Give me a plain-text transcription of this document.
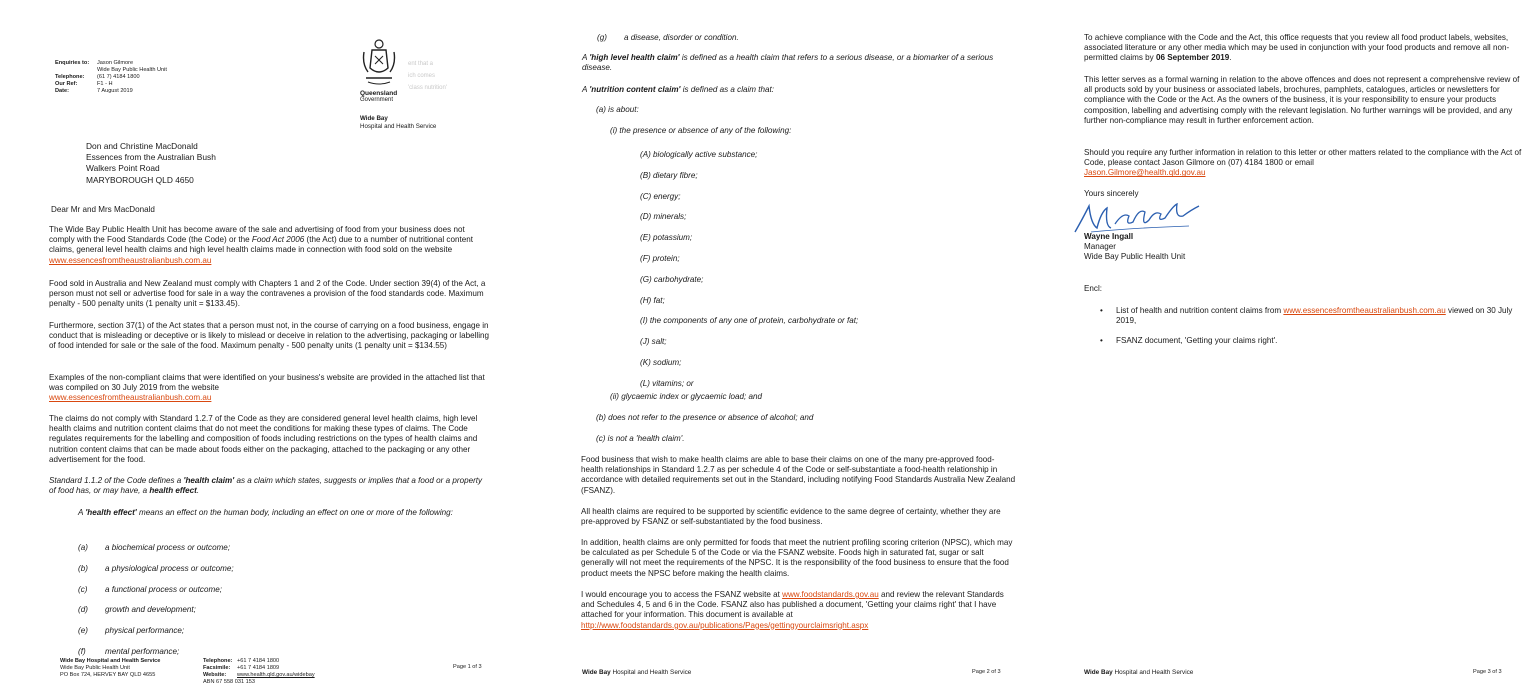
Enquiries to:	Jason Gilmore
Wide Bay Public Health Unit
Telephone:	(61 7) 4184 1800
Our Ref:	F1 - H
Date:	7 August 2019	Queensland
Government
ent that a
ich comes
'class nutrition'
Wide Bay
Hospital and Health Service
Don and Christine MacDonald
Essences from the Australian Bush
Walkers Point Road
MARYBOROUGH QLD 4650
Dear Mr and Mrs MacDonald
The Wide Bay Public Health Unit has become aware of the sale and advertising of food from your business does not comply with the Food Standards Code (the Code) or the Food Act 2006 (the Act) due to a number of nutritional content claims, general level health claims and high level health claims made in connection with food sold on the website www.essencesfromtheaustralianbush.com.au
Food sold in Australia and New Zealand must comply with Chapters 1 and 2 of the Code. Under section 39(4) of the Act, a person must not sell or advertise food for sale in a way the contravenes a provision of the food standards code. Maximum penalty - 500 penalty units (1 penalty unit = $133.45).
Furthermore, section 37(1) of the Act states that a person must not, in the course of carrying on a food business, engage in conduct that is misleading or deceptive or is likely to mislead or deceive in relation to the advertising, packaging or labelling of food intended for sale or the sale of the food. Maximum penalty - 500 penalty units (1 penalty unit = $134.55)
Examples of the non-compliant claims that were identified on your business's website are provided in the attached list that was compiled on 30 July 2019 from the website
www.essencesfromtheaustralianbush.com.au
The claims do not comply with Standard 1.2.7 of the Code as they are considered general level health claims, high level health claims and nutrition content claims that do not meet the conditions for making these types of claims. The Code regulates requirements for the labelling and composition of foods including restrictions on the types of health claims and nutrition content claims that can be made about foods either on the packaging, attached to the packaging or any other advertisement for the food.
Standard 1.1.2 of the Code defines a 'health claim' as a claim which states, suggests or implies that a food or a property of food has, or may have, a health effect.
A 'health effect' means an effect on the human body, including an effect on one or more of the following:
(a) a biochemical process or outcome;
(b) a physiological process or outcome;
(c) a functional process or outcome;
(d) growth and development;
(e) physical performance;
(f) mental performance;
Wide Bay Hospital and Health Service
Wide Bay Public Health Unit
PO Box 724, HERVEY BAY QLD 4655
Telephone: +61 7 4184 1800
Facsimile: +61 7 4184 1809
Website: www.health.qld.gov.au/widebay
ABN 67 558 031 153
Page 1 of 3
(g) a disease, disorder or condition.
A 'high level health claim' is defined as a health claim that refers to a serious disease, or a biomarker of a serious disease.
A 'nutrition content claim' is defined as a claim that:
(a) is about:
(i) the presence or absence of any of the following:
(A) biologically active substance;
(B) dietary fibre;
(C) energy;
(D) minerals;
(E) potassium;
(F) protein;
(G) carbohydrate;
(H) fat;
(I) the components of any one of protein, carbohydrate or fat;
(J) salt;
(K) sodium;
(L) vitamins; or
(ii) glycaemic index or glycaemic load; and
(b) does not refer to the presence or absence of alcohol; and
(c) is not a 'health claim'.
Food business that wish to make health claims are able to base their claims on one of the many pre-approved food-health relationships in Standard 1.2.7 as per schedule 4 of the Code or self-substantiate a food-health relationship in accordance with detailed requirements set out in the Standard, including notifying Food Standards Australia New Zealand (FSANZ).
All health claims are required to be supported by scientific evidence to the same degree of certainty, whether they are pre-approved by FSANZ or self-substantiated by the food business.
In addition, health claims are only permitted for foods that meet the nutrient profiling scoring criterion (NPSC), which may be calculated as per Schedule 5 of the Code or via the FSANZ website. Foods high in saturated fat, sugar or salt generally will not meet the requirements of the NPSC. It is the responsibility of the food business to ensure that the food product meets the NPSC before making the health claims.
I would encourage you to access the FSANZ website at www.foodstandards.gov.au and review the relevant Standards and Schedules 4, 5 and 6 in the Code. FSANZ also has published a document, 'Getting your claims right' that I have attached for your information. This document is available at
http://www.foodstandards.gov.au/publications/Pages/gettingyourclaimsright.aspx
Wide Bay Hospital and Health Service	Page 2 of 3
To achieve compliance with the Code and the Act, this office requests that you review all food product labels, websites, associated literature or any other media which may be used in conjunction with your food products and remove all non-permitted claims by 06 September 2019.
This letter serves as a formal warning in relation to the above offences and does not represent a comprehensive review of all products sold by your business or associated labels, brochures, pamphlets, catalogues, articles or newsletters for compliance with the Code or the Act. As the owners of the business, it is your responsibility to ensure your products composition, labelling and advertising comply with the relevant legislation. No further warnings will be provided, and any further non-compliance may result in further enforcement action.
Should you require any further information in relation to this letter or other matters related to the compliance with the Act of Code, please contact Jason Gilmore on (07) 4184 1800 or email
Jason.Gilmore@health.qld.gov.au
Yours sincerely
Wayne Ingall
Manager
Wide Bay Public Health Unit
Encl:
• List of health and nutrition content claims from www.essencesfromtheaustralianbush.com.au viewed on 30 July 2019,
• FSANZ document, 'Getting your claims right'.
Wide Bay Hospital and Health Service	Page 3 of 3
